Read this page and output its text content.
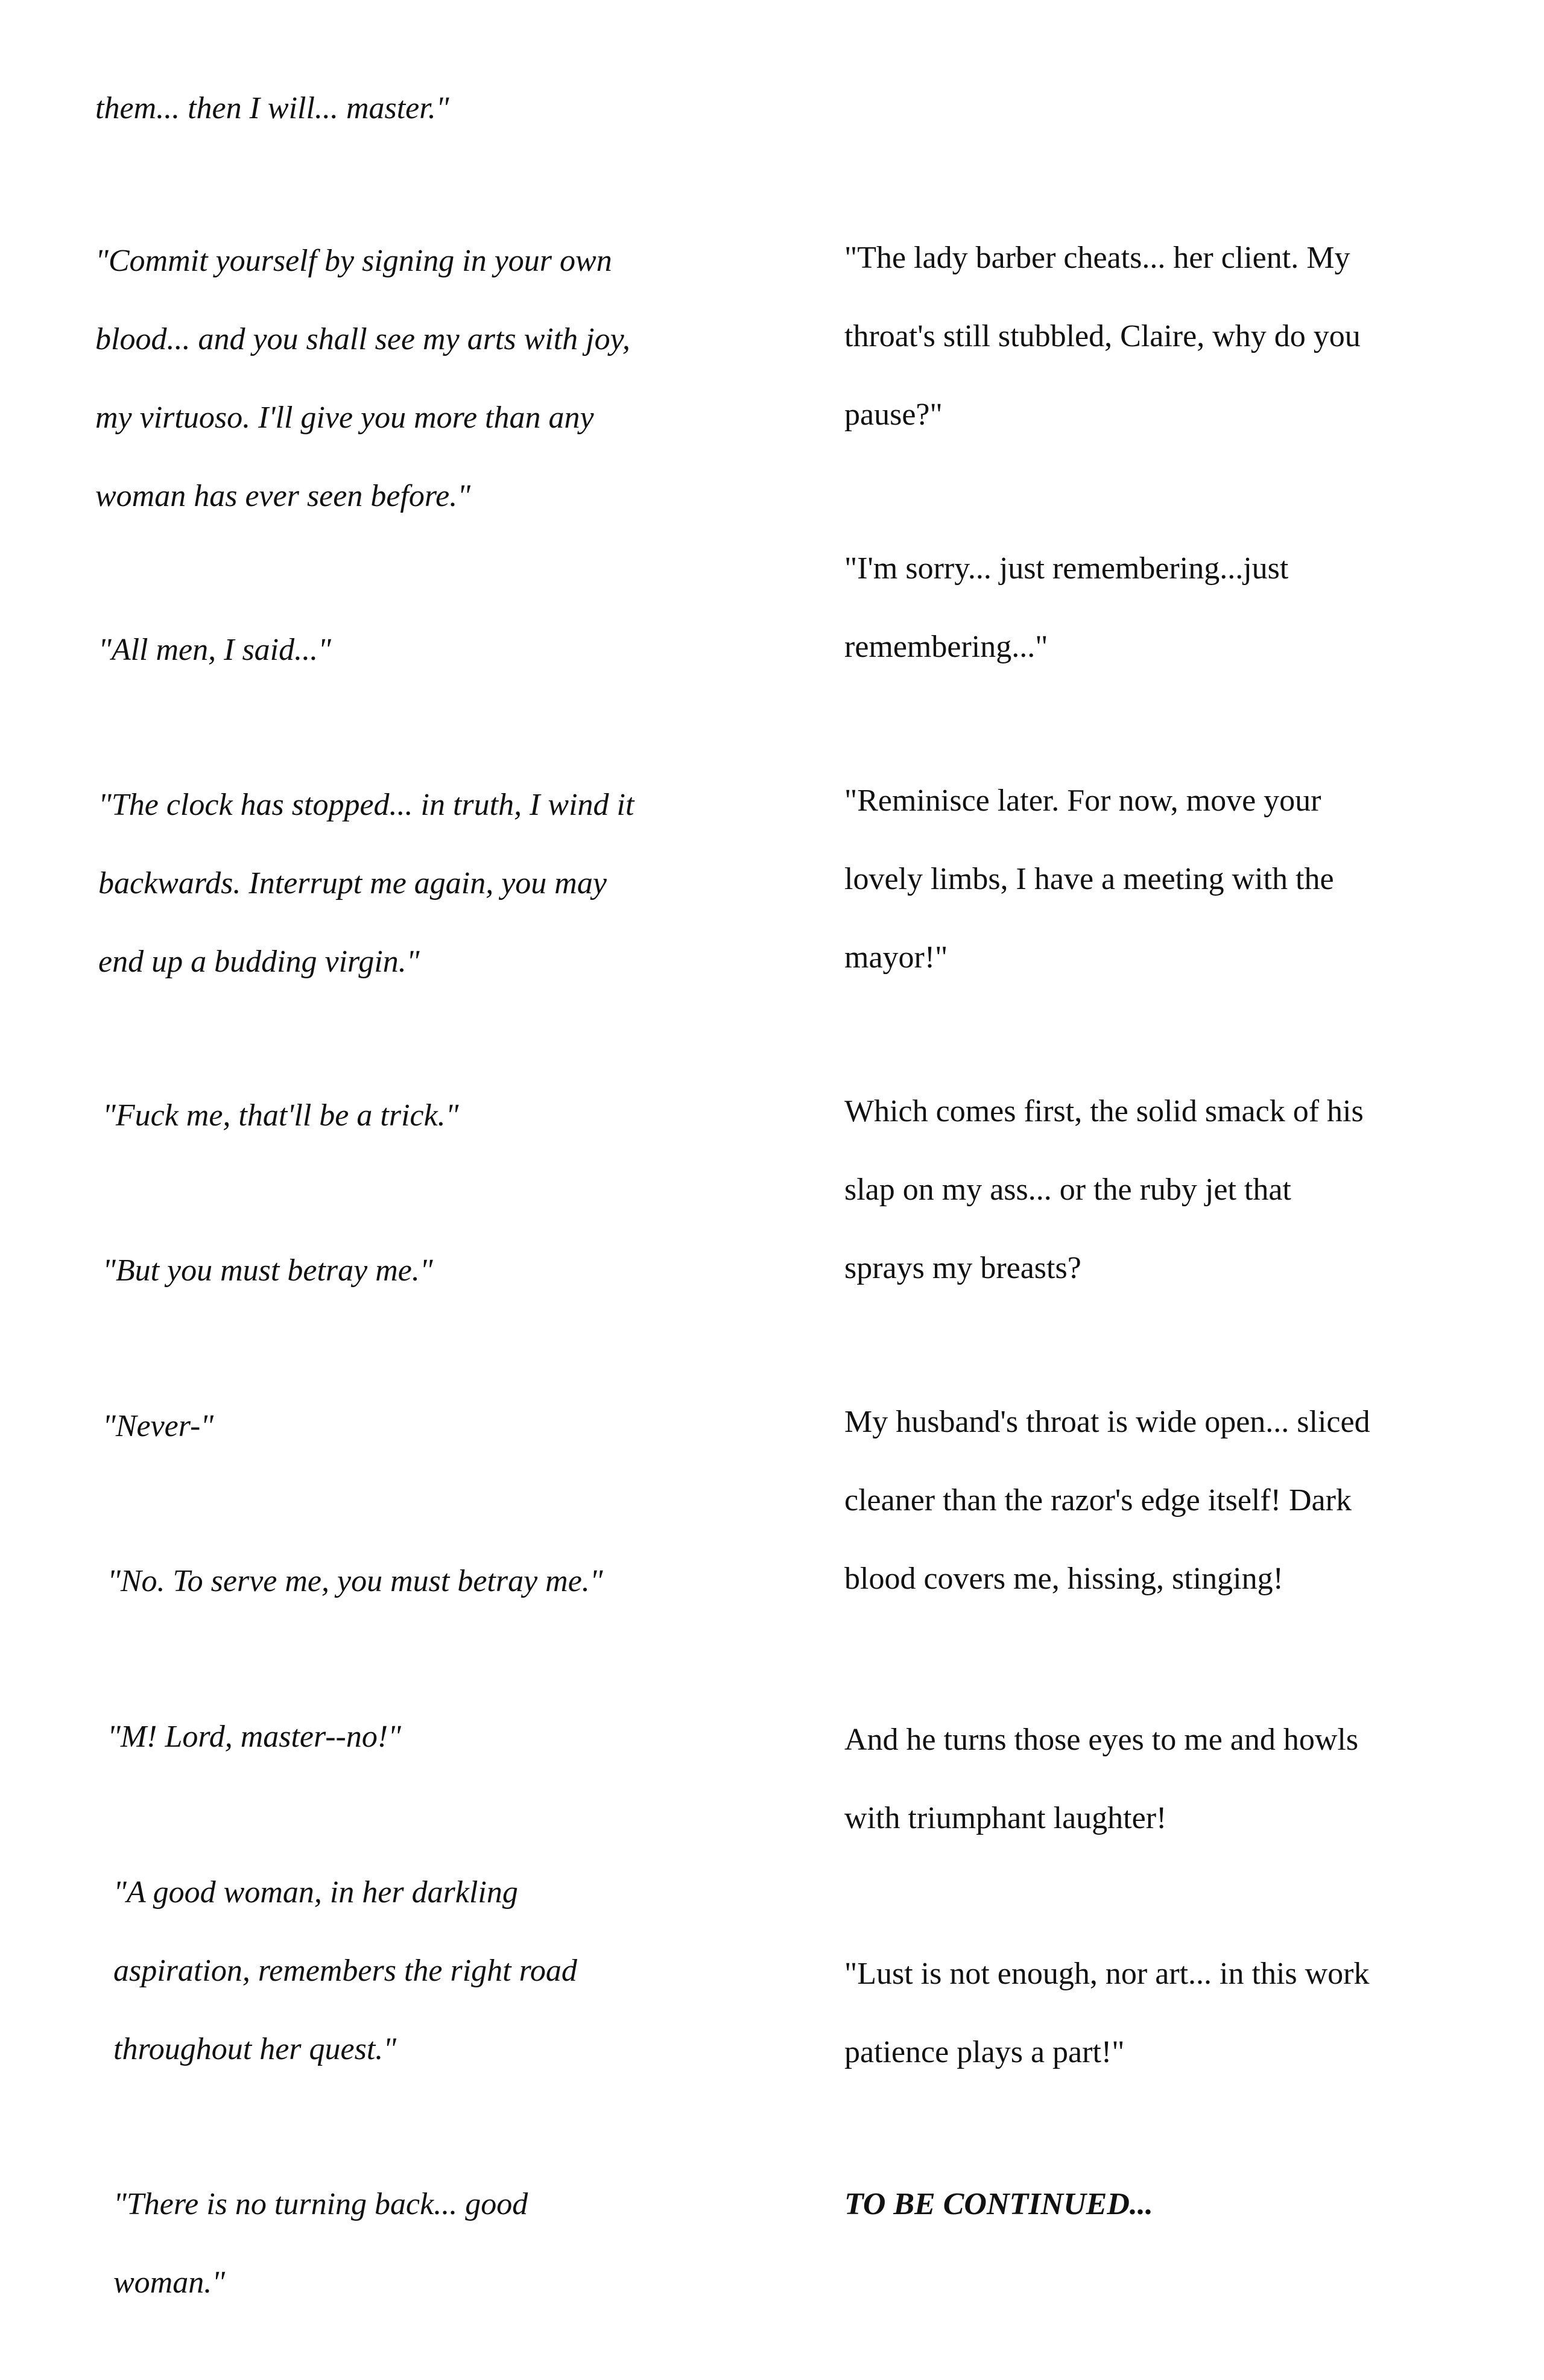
them... then I will... master."
"Commit yourself by signing in your own
blood... and you shall see my arts with joy,
my virtuoso. I'll give you more than any
woman has ever seen before."
"All men, I said..."
"The clock has stopped... in truth, I wind it
backwards. Interrupt me again, you may
end up a budding virgin."
"Fuck me, that'll be a trick."
"But you must betray me."
"Never-"
"No. To serve me, you must betray me."
"M! Lord, master--no!"
"A good woman, in her darkling
aspiration, remembers the right road
throughout her quest."
"There is no turning back... good
woman."
"The lady barber cheats... her client. My
throat's still stubbled, Claire, why do you
pause?"
"I'm sorry... just remembering...just
remembering..."
"Reminisce later. For now, move your
lovely limbs, I have a meeting with the
mayor!"
Which comes first, the solid smack of his
slap on my ass... or the ruby jet that
sprays my breasts?
My husband's throat is wide open... sliced
cleaner than the razor's edge itself! Dark
blood covers me, hissing, stinging!
And he turns those eyes to me and howls
with triumphant laughter!
"Lust is not enough, nor art... in this work
patience plays a part!"
TO BE CONTINUED...
